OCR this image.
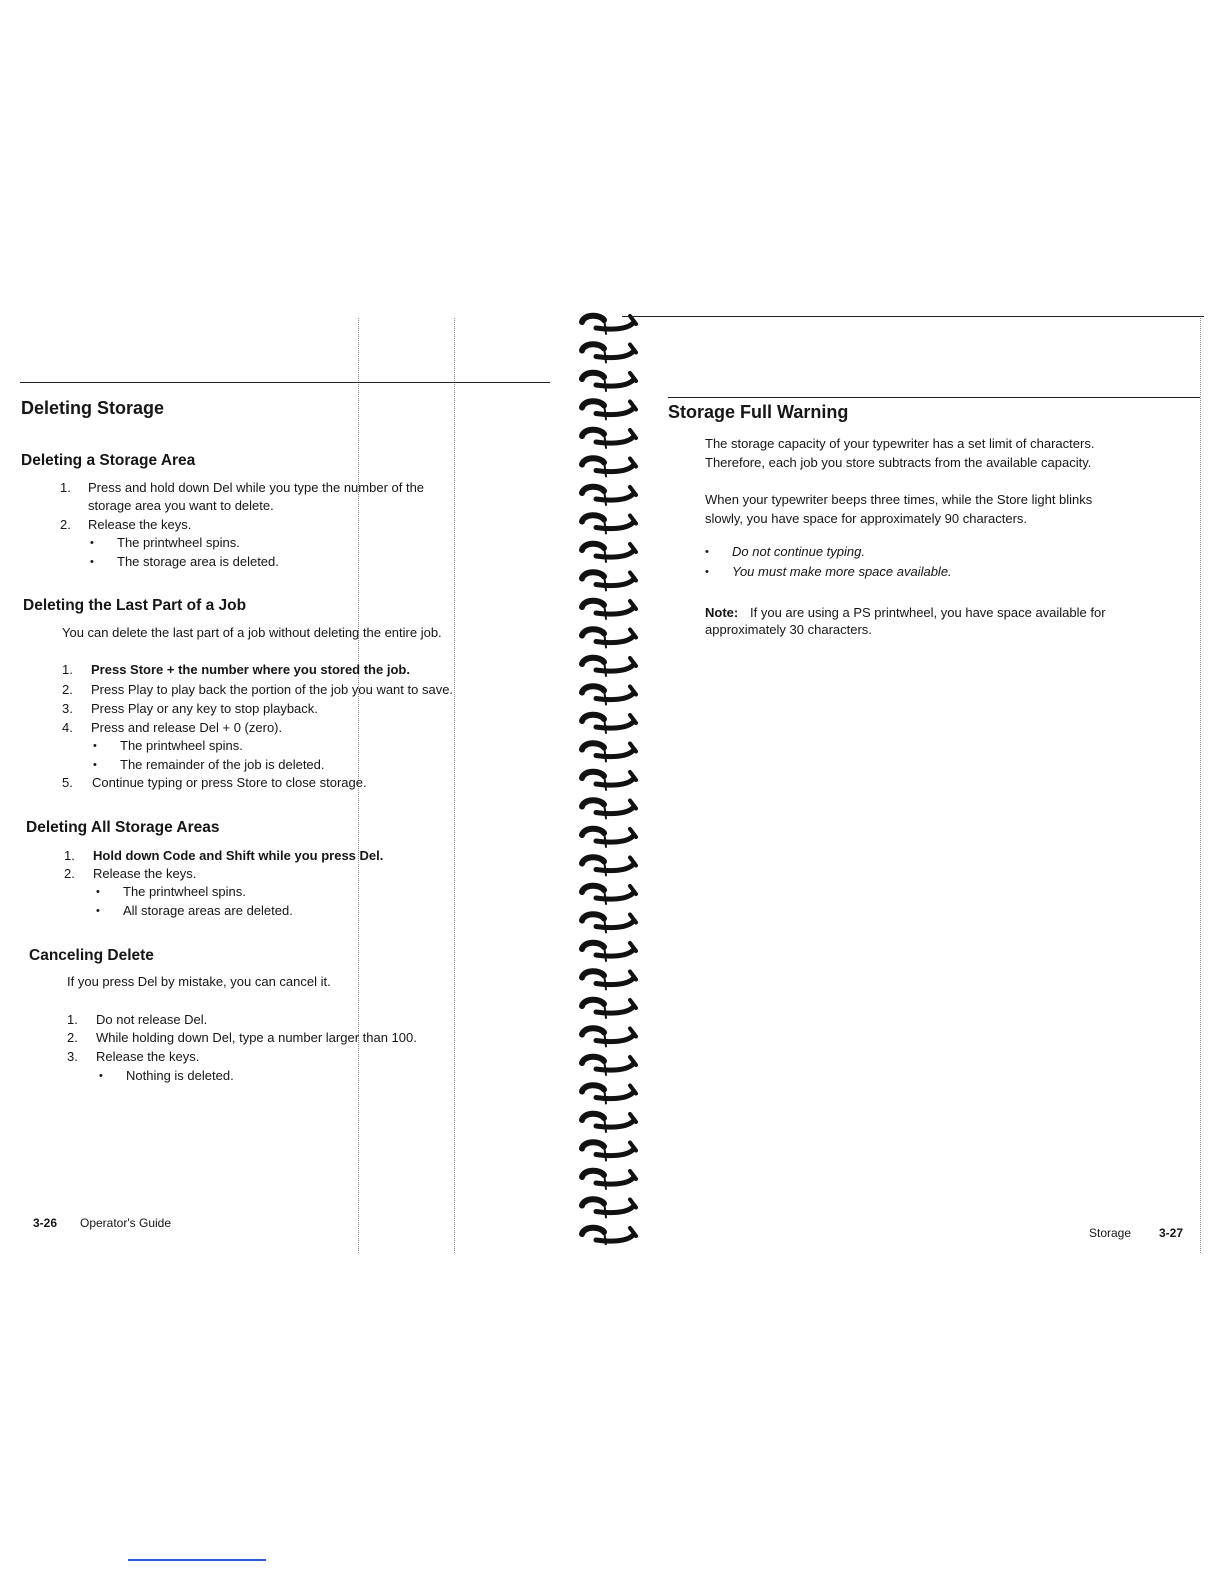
Deleting Storage
Deleting a Storage Area
1. Press and hold down Del while you type the number of the
storage area you want to delete.
2. Release the keys.
• The printwheel spins.
• The storage area is deleted.
Deleting the Last Part of a Job
You can delete the last part of a job without deleting the entire job.
1. Press Store + the number where you stored the job.
2. Press Play to play back the portion of the job you want to save.
3. Press Play or any key to stop playback.
4. Press and release Del + 0 (zero).
• The printwheel spins.
• The remainder of the job is deleted.
5. Continue typing or press Store to close storage.
Deleting All Storage Areas
1. Hold down Code and Shift while you press Del.
2. Release the keys.
• The printwheel spins.
• All storage areas are deleted.
Canceling Delete
If you press Del by mistake, you can cancel it.
1. Do not release Del.
2. While holding down Del, type a number larger than 100.
3. Release the keys.
• Nothing is deleted.
3-26 Operator's Guide
Storage Full Warning
The storage capacity of your typewriter has a set limit of characters.
Therefore, each job you store subtracts from the available capacity.
When your typewriter beeps three times, while the Store light blinks
slowly, you have space for approximately 90 characters.
• Do not continue typing.
• You must make more space available.
Note: If you are using a PS printwheel, you have space available for
approximately 30 characters.
Storage 3-27
